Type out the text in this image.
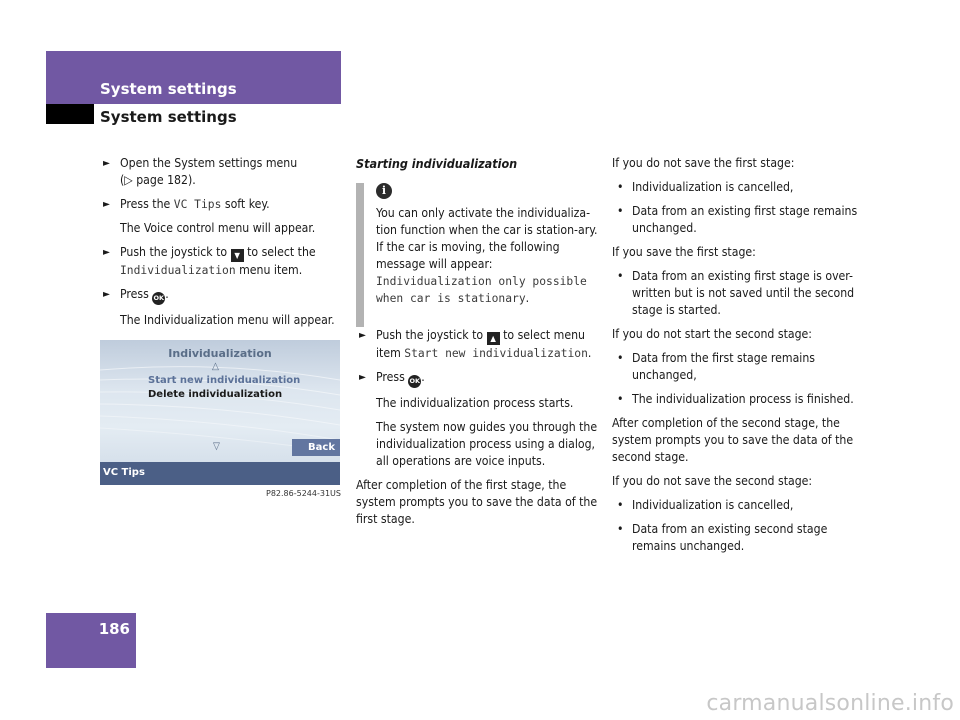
System settings
System settings
► Open the System settings menu (▷ page 182).
► Press the VC Tips soft key.
The Voice control menu will appear.
► Push the joystick to ▼ to select the Individualization menu item.
► Press OK.
The Individualization menu will appear.
Individualization
△
Start new individualization
Delete individualization
▽	Back
VC Tips
P82.86-5244-31US
Starting individualization
i
You can only activate the individualiza-tion function when the car is station-ary. If the car is moving, the following message will appear: Individualization only possible when car is stationary.
► Push the joystick to ▲ to select menu item Start new individualization.
► Press OK.
The individualization process starts.
The system now guides you through the individualization process using a dialog, all operations are voice inputs.

After completion of the first stage, the system prompts you to save the data of the first stage.

If you do not save the first stage:

• Individualization is cancelled,
• Data from an existing first stage remains unchanged.

If you save the first stage:

• Data from an existing first stage is over-written but is not saved until the second stage is started.

If you do not start the second stage:

• Data from the first stage remains unchanged,
• The individualization process is finished.

After completion of the second stage, the system prompts you to save the data of the second stage.

If you do not save the second stage:

• Individualization is cancelled,
• Data from an existing second stage remains unchanged.
186
carmanualsonline.info
